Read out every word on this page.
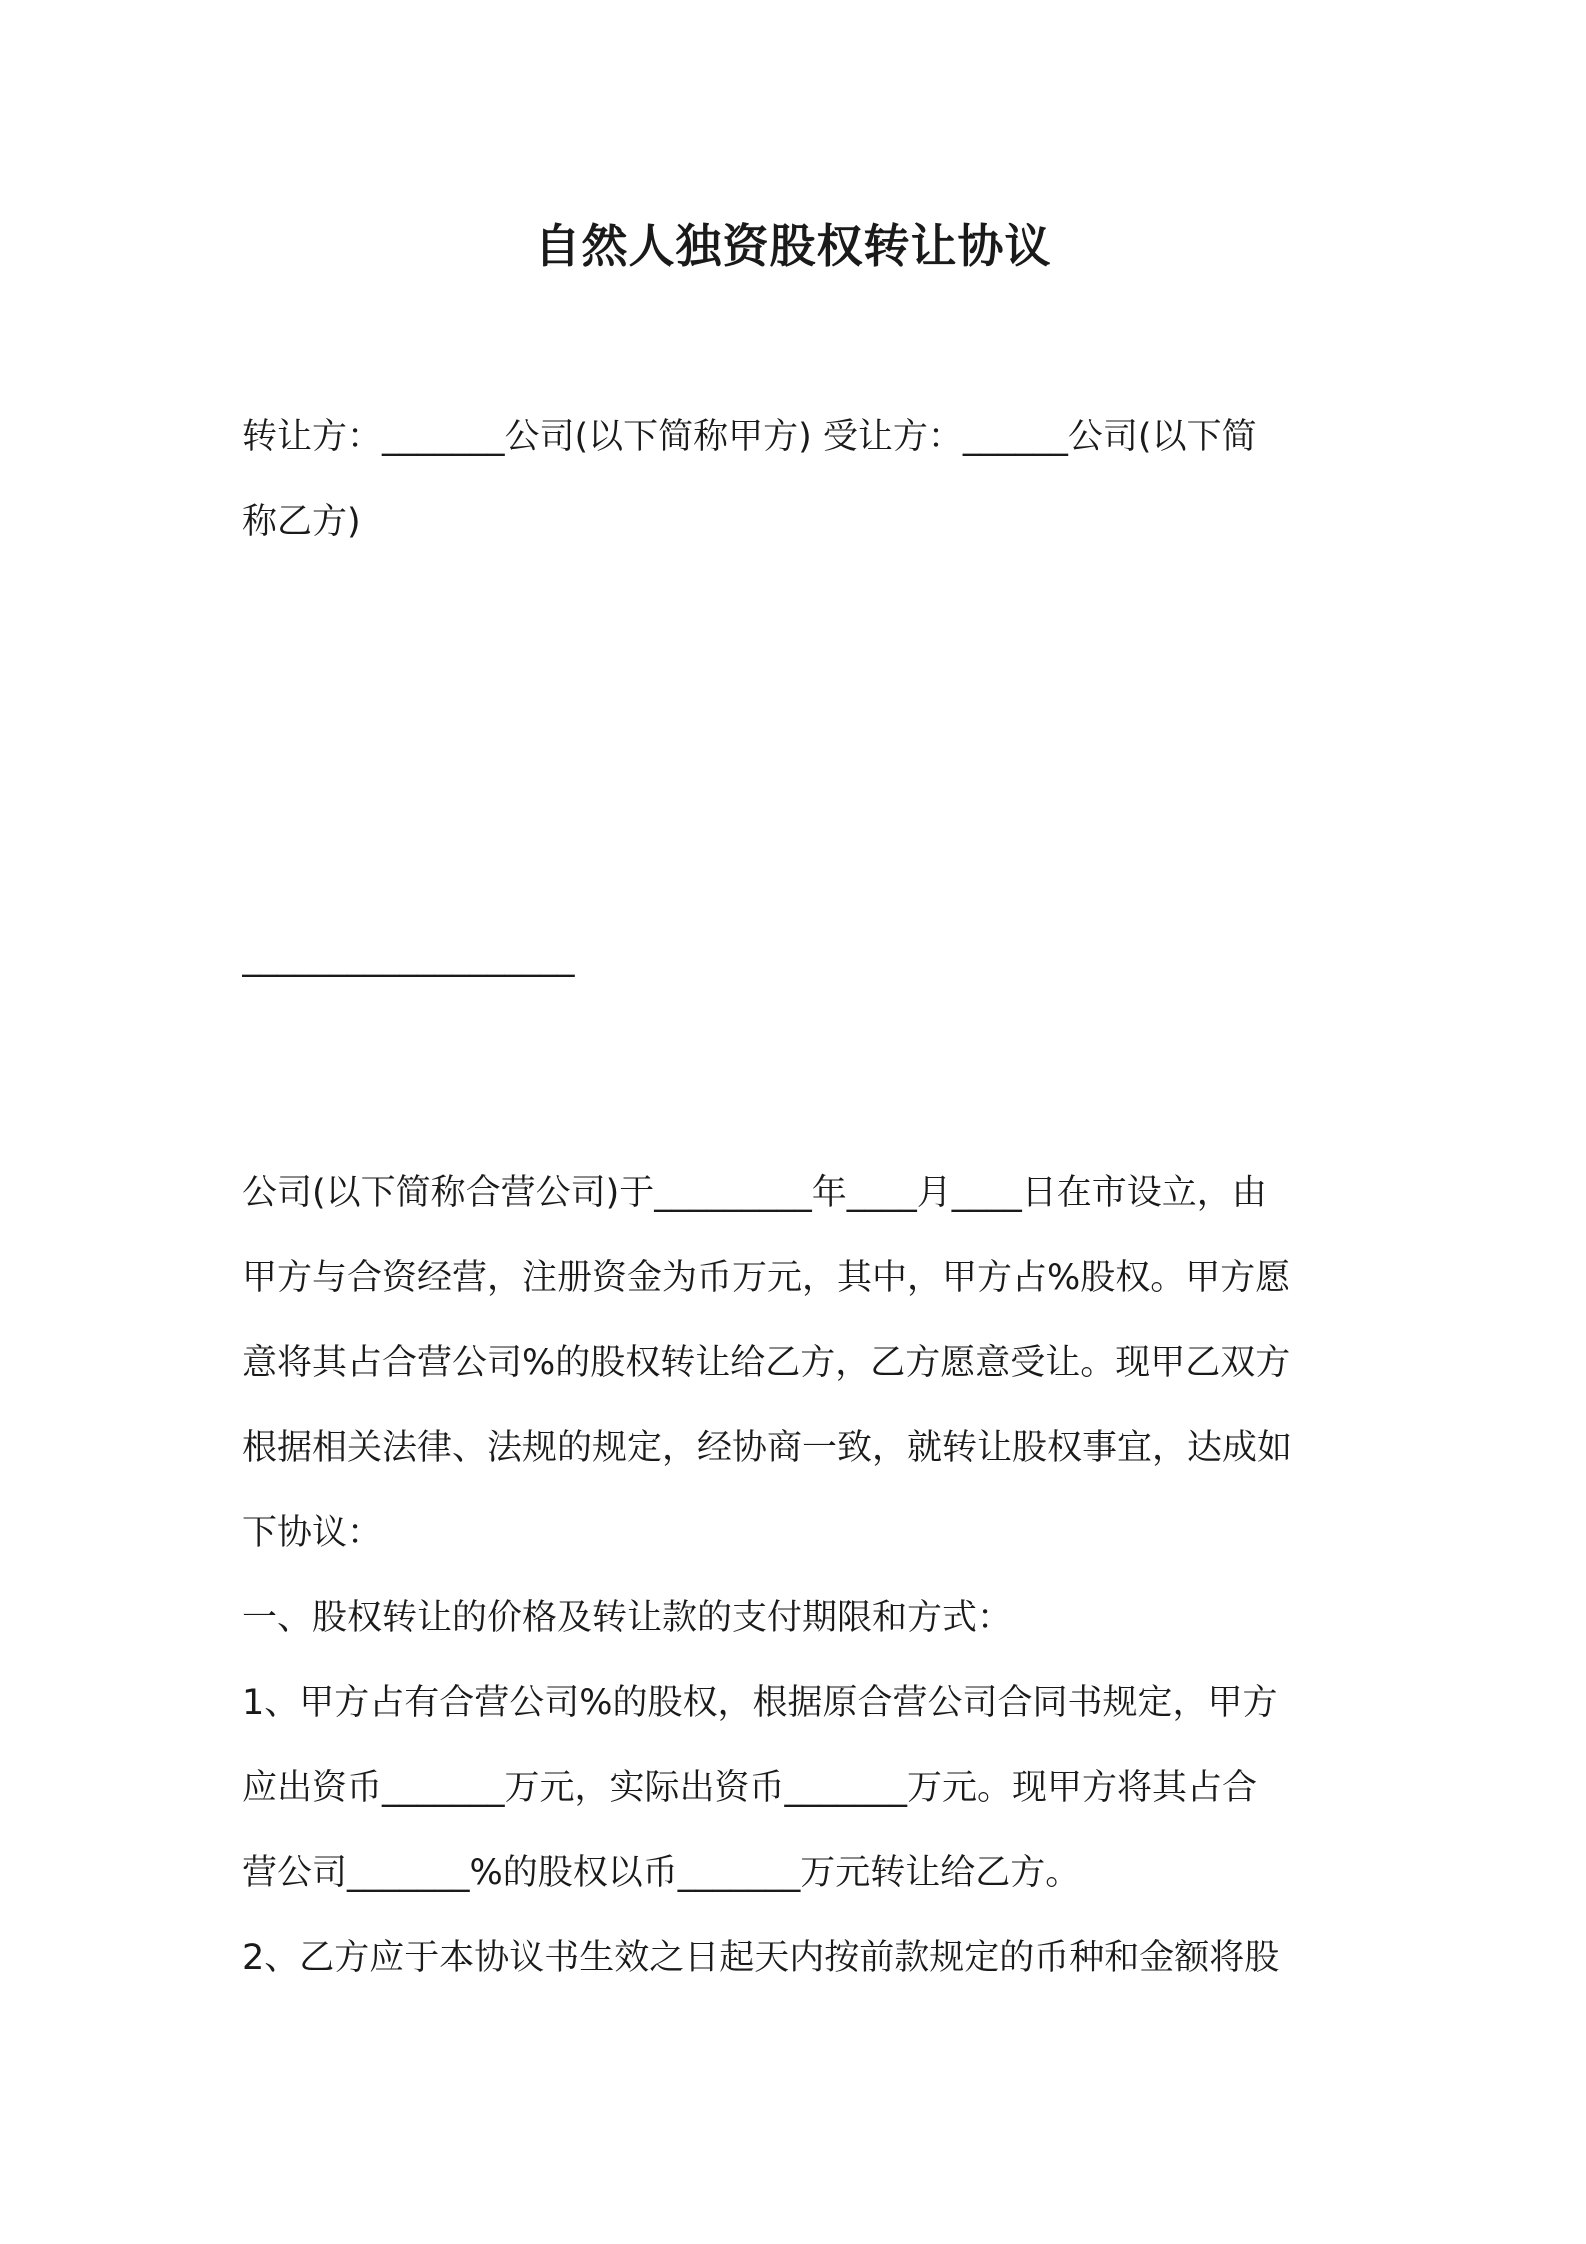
自然人独资股权转让协议
转让方：_______公司(以下简称甲方) 受让方：______公司(以下简
称乙方)
___________________
公司(以下简称合营公司)于_________年____月____日在市设立，由
甲方与合资经营，注册资金为币万元，其中，甲方占%股权。甲方愿
意将其占合营公司%的股权转让给乙方，乙方愿意受让。现甲乙双方
根据相关法律、法规的规定，经协商一致，就转让股权事宜，达成如
下协议：
一、股权转让的价格及转让款的支付期限和方式：
1、甲方占有合营公司%的股权，根据原合营公司合同书规定，甲方
应出资币_______万元，实际出资币_______万元。现甲方将其占合
营公司_______%的股权以币_______万元转让给乙方。
2、乙方应于本协议书生效之日起天内按前款规定的币种和金额将股
